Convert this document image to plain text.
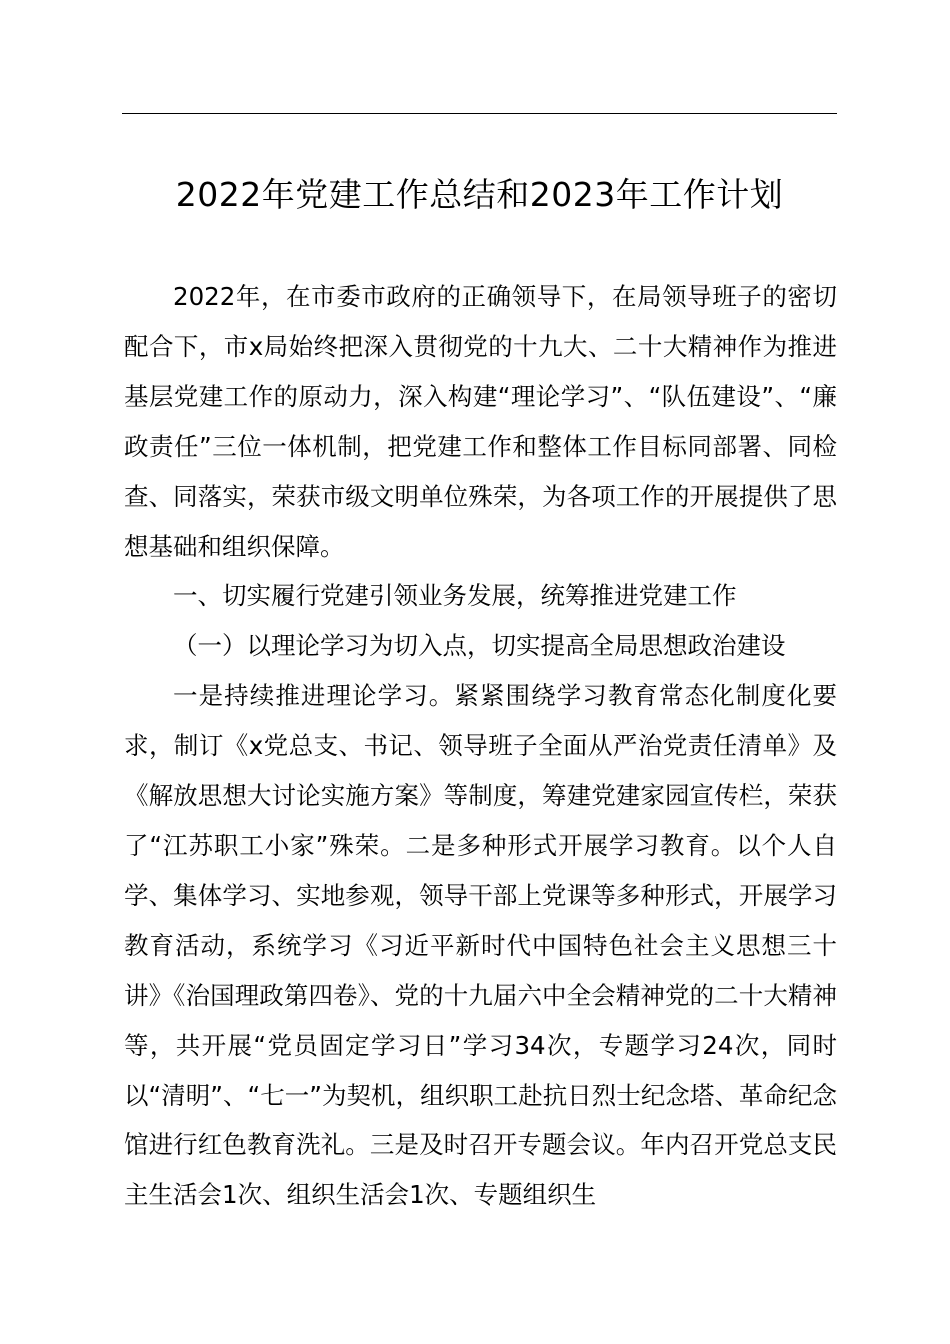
2022年党建工作总结和2023年工作计划

2022年，在市委市政府的正确领导下，在局领导班子的密切配合下，市x局始终把深入贯彻党的十九大、二十大精神作为推进基层党建工作的原动力，深入构建“理论学习”、“队伍建设”、“廉政责任”三位一体机制，把党建工作和整体工作目标同部署、同检查、同落实，荣获市级文明单位殊荣，为各项工作的开展提供了思想基础和组织保障。

一、切实履行党建引领业务发展，统筹推进党建工作

（一）以理论学习为切入点，切实提高全局思想政治建设

一是持续推进理论学习。紧紧围绕学习教育常态化制度化要求，制订《x党总支、书记、领导班子全面从严治党责任清单》及《解放思想大讨论实施方案》等制度，筹建党建家园宣传栏，荣获了“江苏职工小家”殊荣。二是多种形式开展学习教育。以个人自学、集体学习、实地参观，领导干部上党课等多种形式，开展学习教育活动，系统学习《习近平新时代中国特色社会主义思想三十讲》《治国理政第四卷》、党的十九届六中全会精神党的二十大精神等，共开展“党员固定学习日”学习34次，专题学习24次，同时以“清明”、“七一”为契机，组织职工赴抗日烈士纪念塔、革命纪念馆进行红色教育洗礼。三是及时召开专题会议。年内召开党总支民主生活会1次、组织生活会1次、专题组织生
